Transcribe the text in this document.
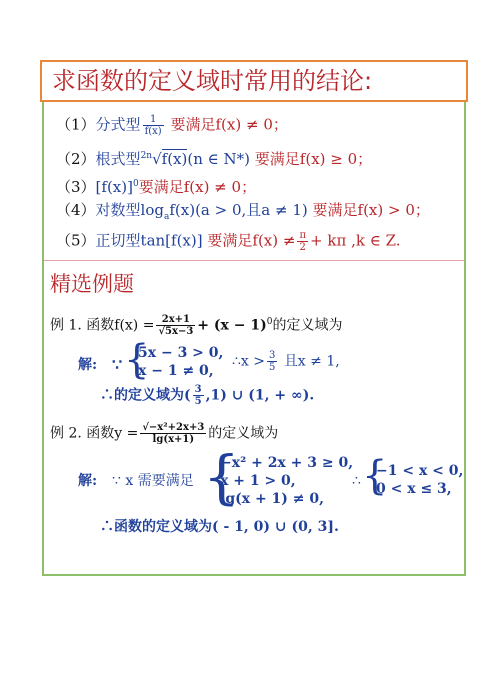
求函数的定义域时常用的结论:
（1）分式型 $\frac{1}{f(x)}$ 要满足f(x) ≠ 0；
（2）根式型$^{2n}$√f(x)(n ∈ N*) 要满足f(x) ≥ 0；
$(3)[f(x)]^0$要满足f(x) ≠ 0；
（4）对数型$\log_af(x)(a > 0$,且a ≠ 1) 要满足f(x) > 0；
（5）正切型tan[f(x)] 要满足$f(x) \ne \frac{\pi}{2} + k\pi$ ,k ∈ Z.
精选例题
例 1. 函数$f(x) = \frac{2x+1}{√5x-3} + (x - 1)^0$的定义域为
解: ∵ {
5x − 3 > 0,
x − 1 ≠ 0,
∴x > $\frac{3}{5}$ 且x ≠ 1,
∴的定义域为( $\frac{3}{5} ,1$) ∪ (1, + ∞).
例 2. 函数$y = \frac{\text{√−x²+2x+3}}{\lg(x+1)}$ 的定义域为
解: ∵ x 需要满足 {
−x² + 2x + 3 ≥ 0,
x + 1 > 0,
lg(x + 1) ≠ 0,
∴ {
−1 < x < 0,
0 < x ≤ 3,
∴函数的定义域为( - 1, 0) ∪ (0, 3].
